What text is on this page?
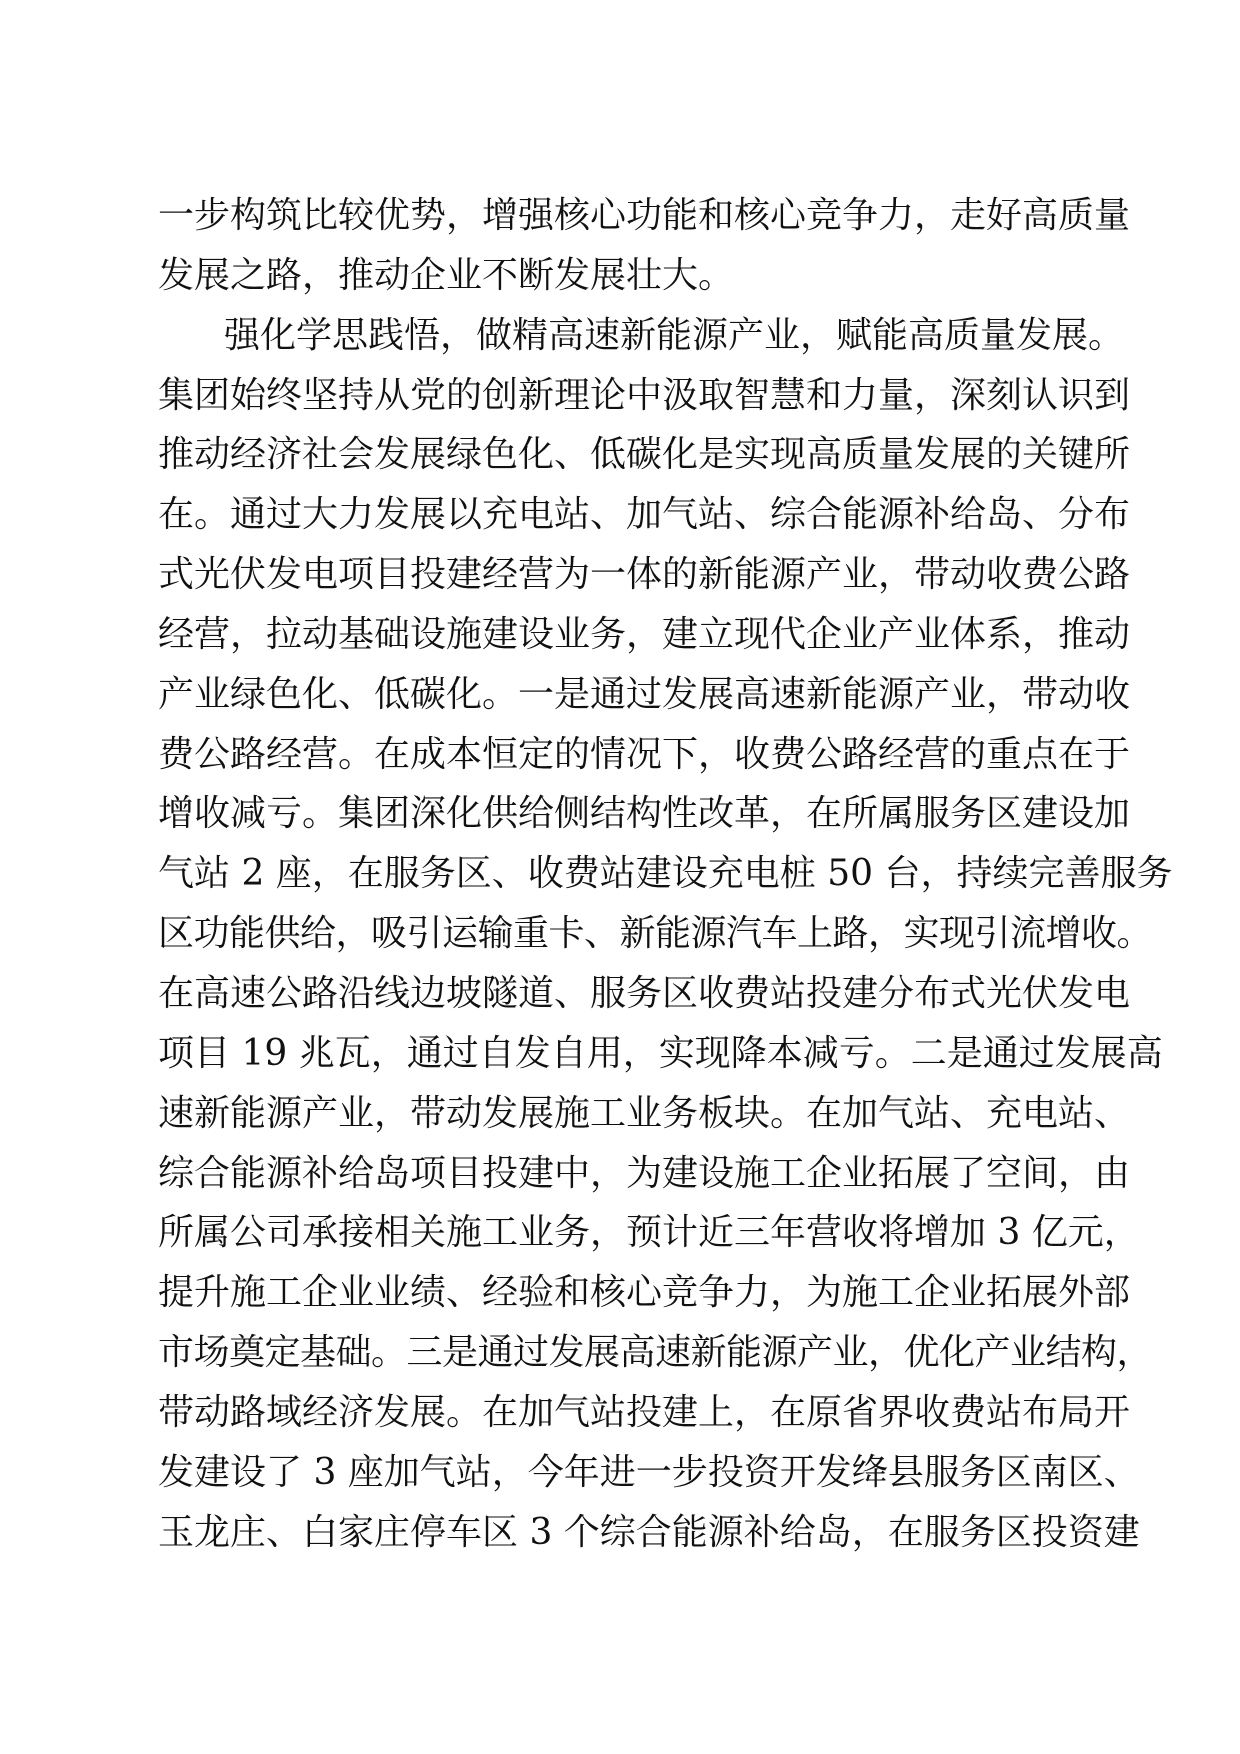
一步构筑比较优势，增强核心功能和核心竞争力，走好高质量
发展之路，推动企业不断发展壮大。
强化学思践悟，做精高速新能源产业，赋能高质量发展。
集团始终坚持从党的创新理论中汲取智慧和力量，深刻认识到
推动经济社会发展绿色化、低碳化是实现高质量发展的关键所
在。通过大力发展以充电站、加气站、综合能源补给岛、分布
式光伏发电项目投建经营为一体的新能源产业，带动收费公路
经营，拉动基础设施建设业务，建立现代企业产业体系，推动
产业绿色化、低碳化。一是通过发展高速新能源产业，带动收
费公路经营。在成本恒定的情况下，收费公路经营的重点在于
增收减亏。集团深化供给侧结构性改革，在所属服务区建设加
气站 2 座，在服务区、收费站建设充电桩 50 台，持续完善服务
区功能供给，吸引运输重卡、新能源汽车上路，实现引流增收。
在高速公路沿线边坡隧道、服务区收费站投建分布式光伏发电
项目 19 兆瓦，通过自发自用，实现降本减亏。二是通过发展高
速新能源产业，带动发展施工业务板块。在加气站、充电站、
综合能源补给岛项目投建中，为建设施工企业拓展了空间，由
所属公司承接相关施工业务，预计近三年营收将增加 3 亿元，
提升施工企业业绩、经验和核心竞争力，为施工企业拓展外部
市场奠定基础。三是通过发展高速新能源产业，优化产业结构，
带动路域经济发展。在加气站投建上，在原省界收费站布局开
发建设了 3 座加气站，今年进一步投资开发绛县服务区南区、
玉龙庄、白家庄停车区 3 个综合能源补给岛，在服务区投资建
